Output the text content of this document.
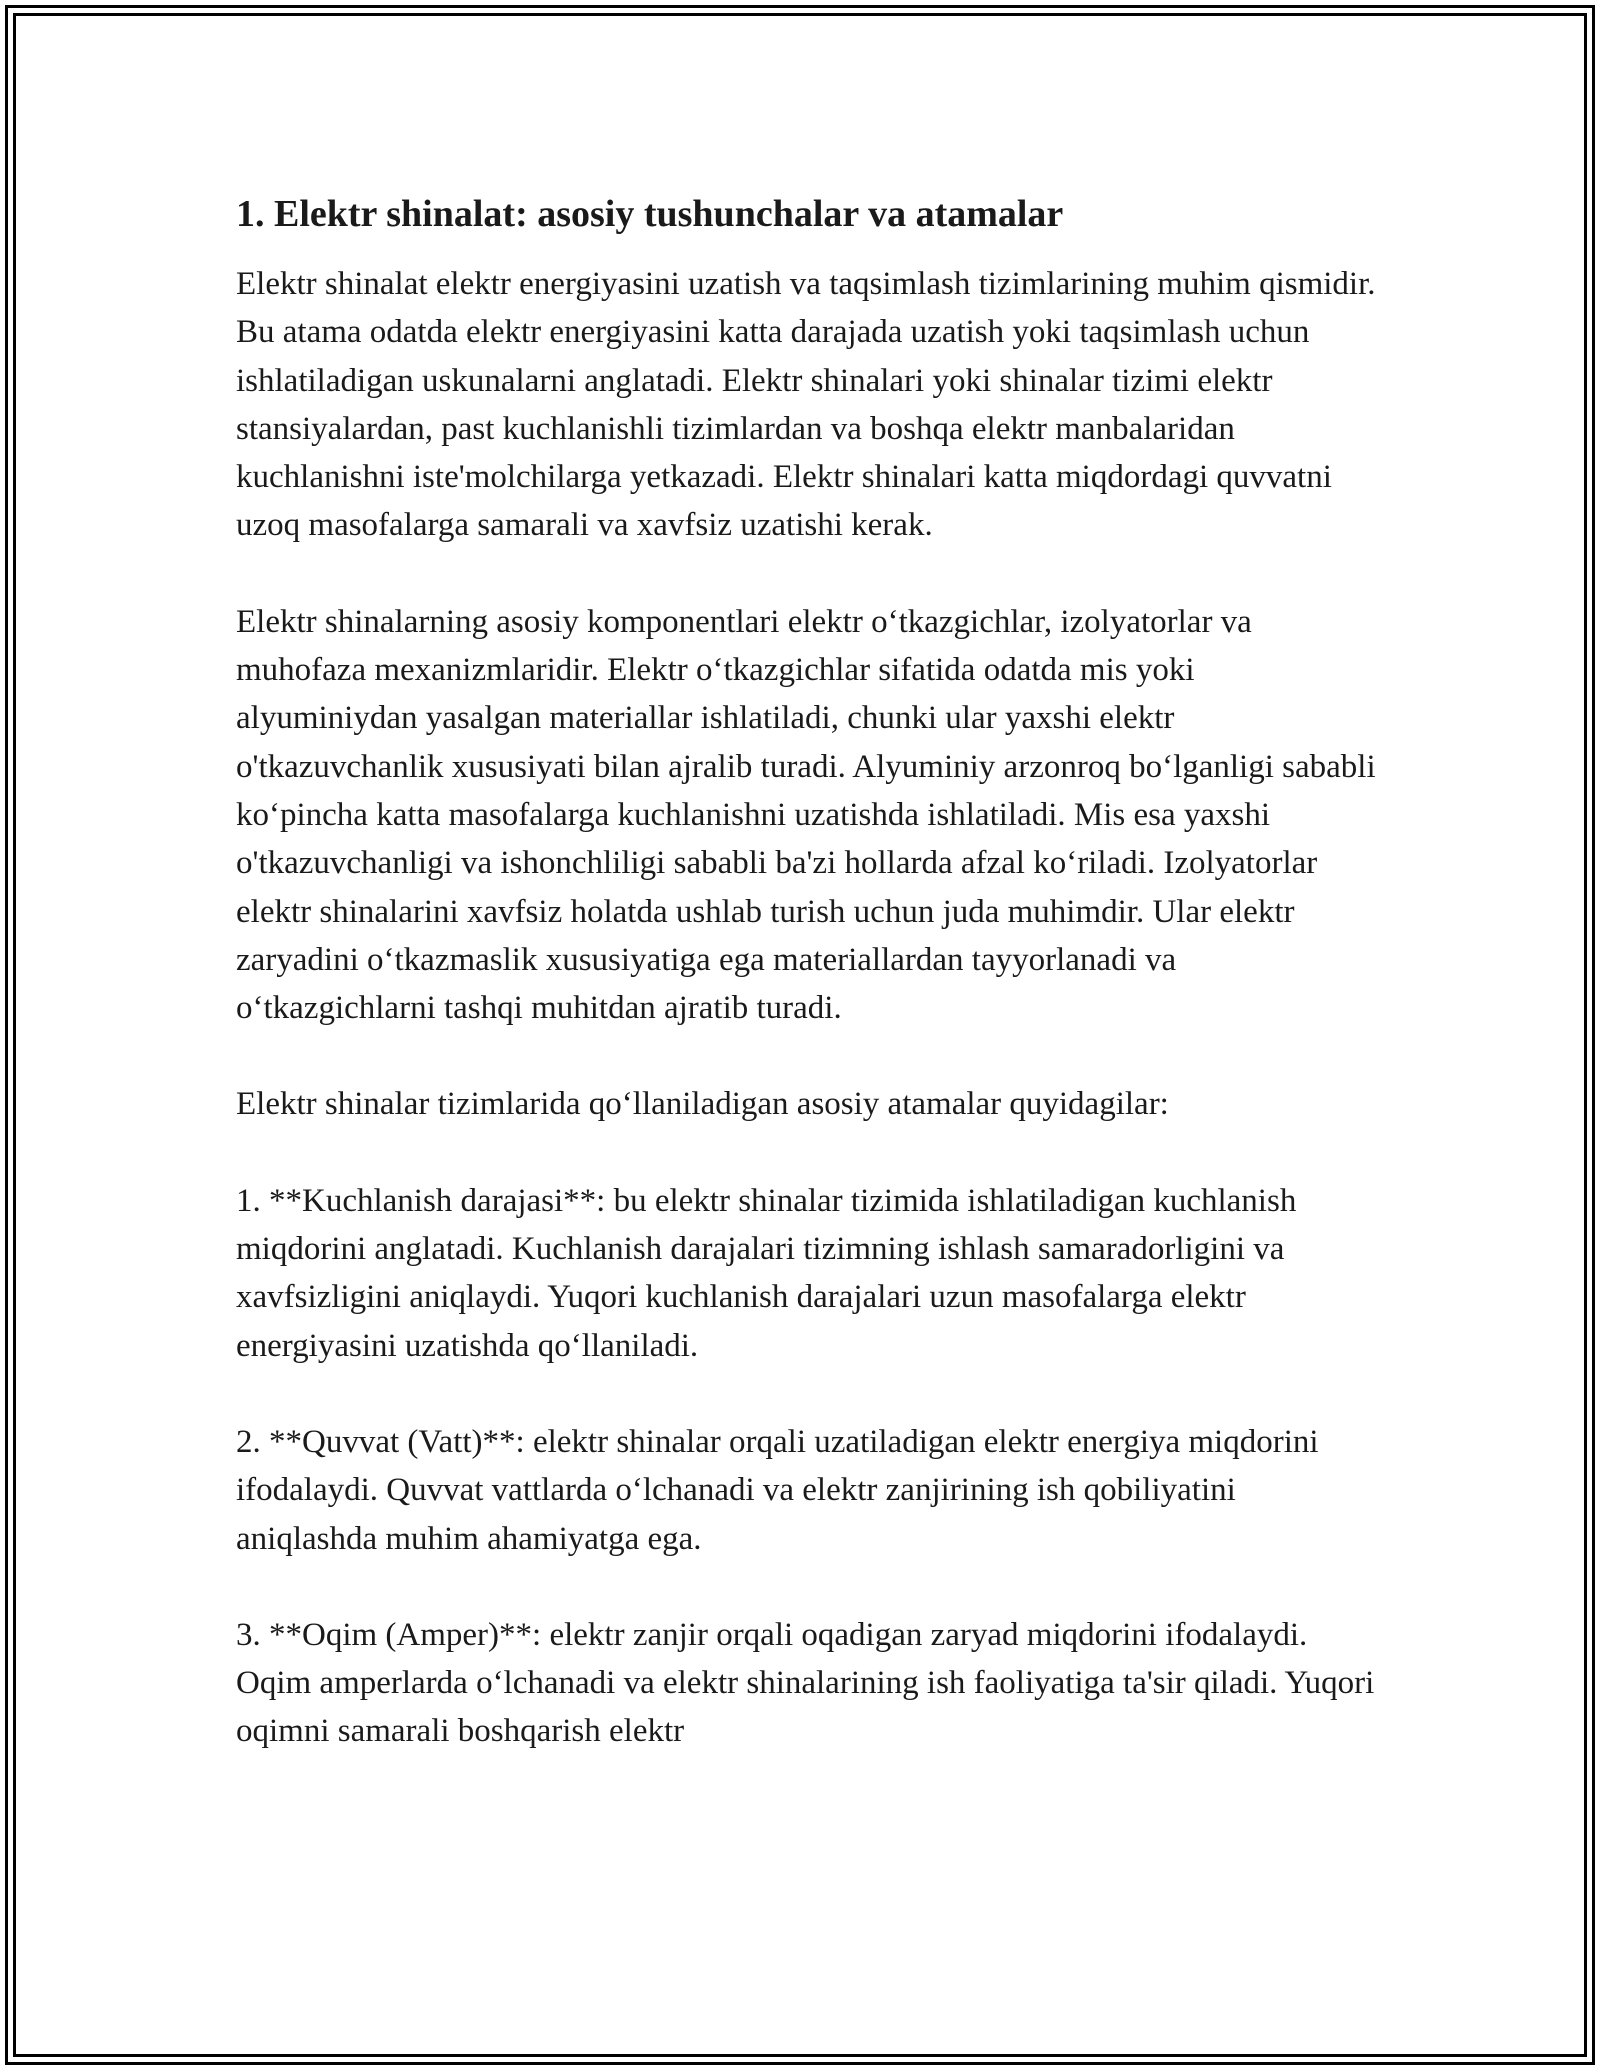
1. Elektr shinalat: asosiy tushunchalar va atamalar

Elektr shinalat elektr energiyasini uzatish va taqsimlash tizimlarining muhim qismidir. Bu atama odatda elektr energiyasini katta darajada uzatish yoki taqsimlash uchun ishlatiladigan uskunalarni anglatadi. Elektr shinalari yoki shinalar tizimi elektr stansiyalardan, past kuchlanishli tizimlardan va boshqa elektr manbalaridan kuchlanishni iste'molchilarga yetkazadi. Elektr shinalari katta miqdordagi quvvatni uzoq masofalarga samarali va xavfsiz uzatishi kerak.

Elektr shinalarning asosiy komponentlari elektr o‘tkazgichlar, izolyatorlar va muhofaza mexanizmlaridir. Elektr o‘tkazgichlar sifatida odatda mis yoki alyuminiydan yasalgan materiallar ishlatiladi, chunki ular yaxshi elektr o'tkazuvchanlik xususiyati bilan ajralib turadi. Alyuminiy arzonroq bo‘lganligi sababli ko‘pincha katta masofalarga kuchlanishni uzatishda ishlatiladi. Mis esa yaxshi o'tkazuvchanligi va ishonchliligi sababli ba'zi hollarda afzal ko‘riladi. Izolyatorlar elektr shinalarini xavfsiz holatda ushlab turish uchun juda muhimdir. Ular elektr zaryadini o‘tkazmaslik xususiyatiga ega materiallardan tayyorlanadi va o‘tkazgichlarni tashqi muhitdan ajratib turadi.

Elektr shinalar tizimlarida qo‘llaniladigan asosiy atamalar quyidagilar:

1. **Kuchlanish darajasi**: bu elektr shinalar tizimida ishlatiladigan kuchlanish miqdorini anglatadi. Kuchlanish darajalari tizimning ishlash samaradorligini va xavfsizligini aniqlaydi. Yuqori kuchlanish darajalari uzun masofalarga elektr energiyasini uzatishda qo‘llaniladi.

2. **Quvvat (Vatt)**: elektr shinalar orqali uzatiladigan elektr energiya miqdorini ifodalaydi. Quvvat vattlarda o‘lchanadi va elektr zanjirining ish qobiliyatini aniqlashda muhim ahamiyatga ega.

3. **Oqim (Amper)**: elektr zanjir orqali oqadigan zaryad miqdorini ifodalaydi. Oqim amperlarda o‘lchanadi va elektr shinalarining ish faoliyatiga ta'sir qiladi. Yuqori oqimni samarali boshqarish elektr
